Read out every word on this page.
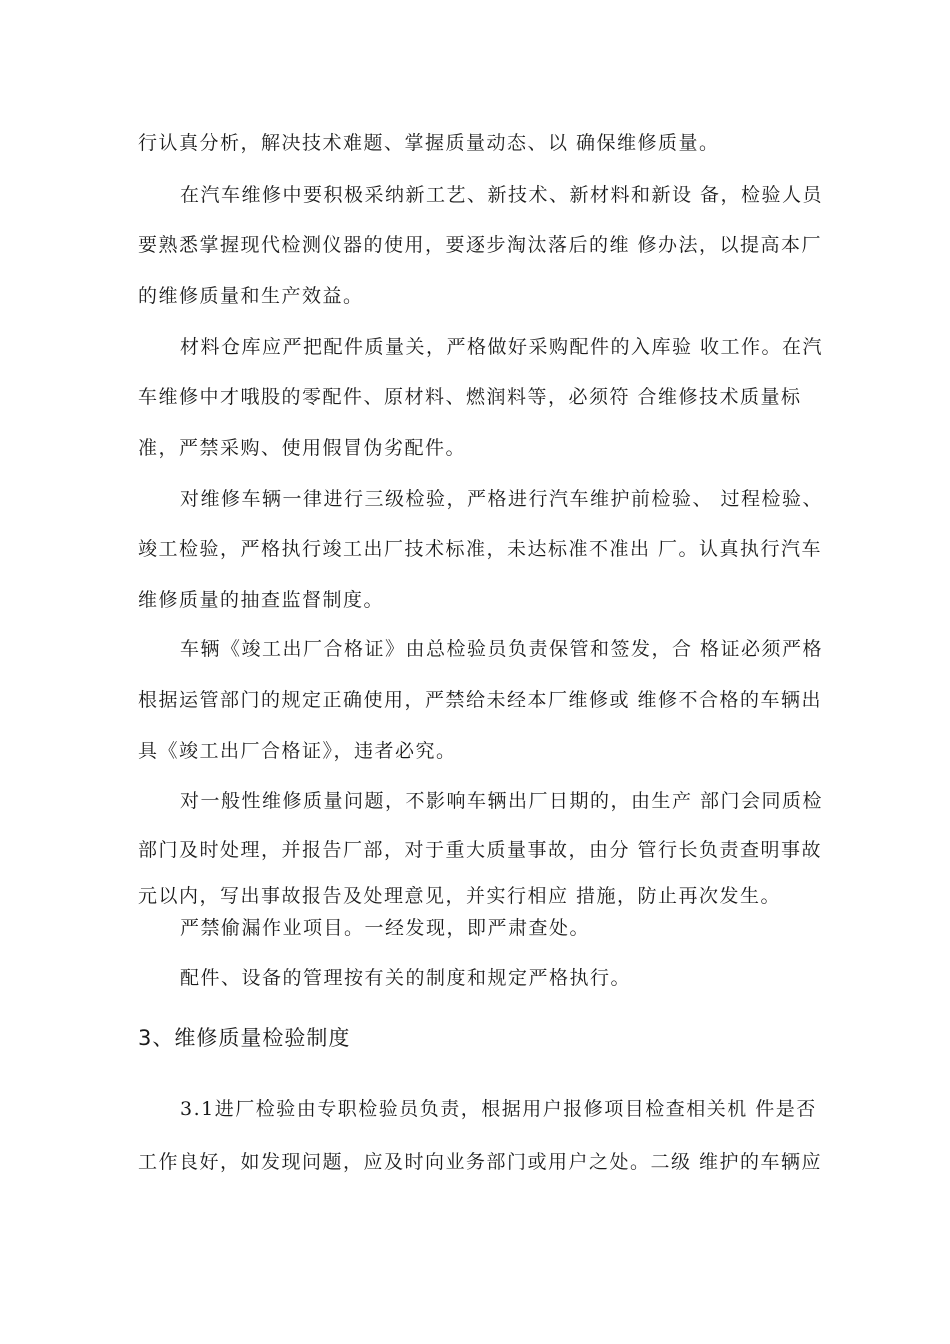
行认真分析，解决技术难题、掌握质量动态、以 确保维修质量。
在汽车维修中要积极采纳新工艺、新技术、新材料和新设 备，检验人员
要熟悉掌握现代检测仪器的使用，要逐步淘汰落后的维 修办法，以提高本厂
的维修质量和生产效益。
材料仓库应严把配件质量关，严格做好采购配件的入库验 收工作。在汽
车维修中才哦股的零配件、原材料、燃润料等，必须符 合维修技术质量标
准，严禁采购、使用假冒伪劣配件。
对维修车辆一律进行三级检验，严格进行汽车维护前检验、 过程检验、
竣工检验，严格执行竣工出厂技术标准，未达标准不准出 厂。认真执行汽车
维修质量的抽查监督制度。
车辆《竣工出厂合格证》由总检验员负责保管和签发，合 格证必须严格
根据运管部门的规定正确使用，严禁给未经本厂维修或 维修不合格的车辆出
具《竣工出厂合格证》，违者必究。
对一般性维修质量问题，不影响车辆出厂日期的，由生产 部门会同质检
部门及时处理，并报告厂部，对于重大质量事故，由分 管行长负责查明事故
元以内，写出事故报告及处理意见，并实行相应 措施，防止再次发生。
严禁偷漏作业项目。一经发现，即严肃查处。
配件、设备的管理按有关的制度和规定严格执行。
3、维修质量检验制度
3.1进厂检验由专职检验员负责，根据用户报修项目检查相关机 件是否
工作良好，如发现问题，应及时向业务部门或用户之处。二级 维护的车辆应
